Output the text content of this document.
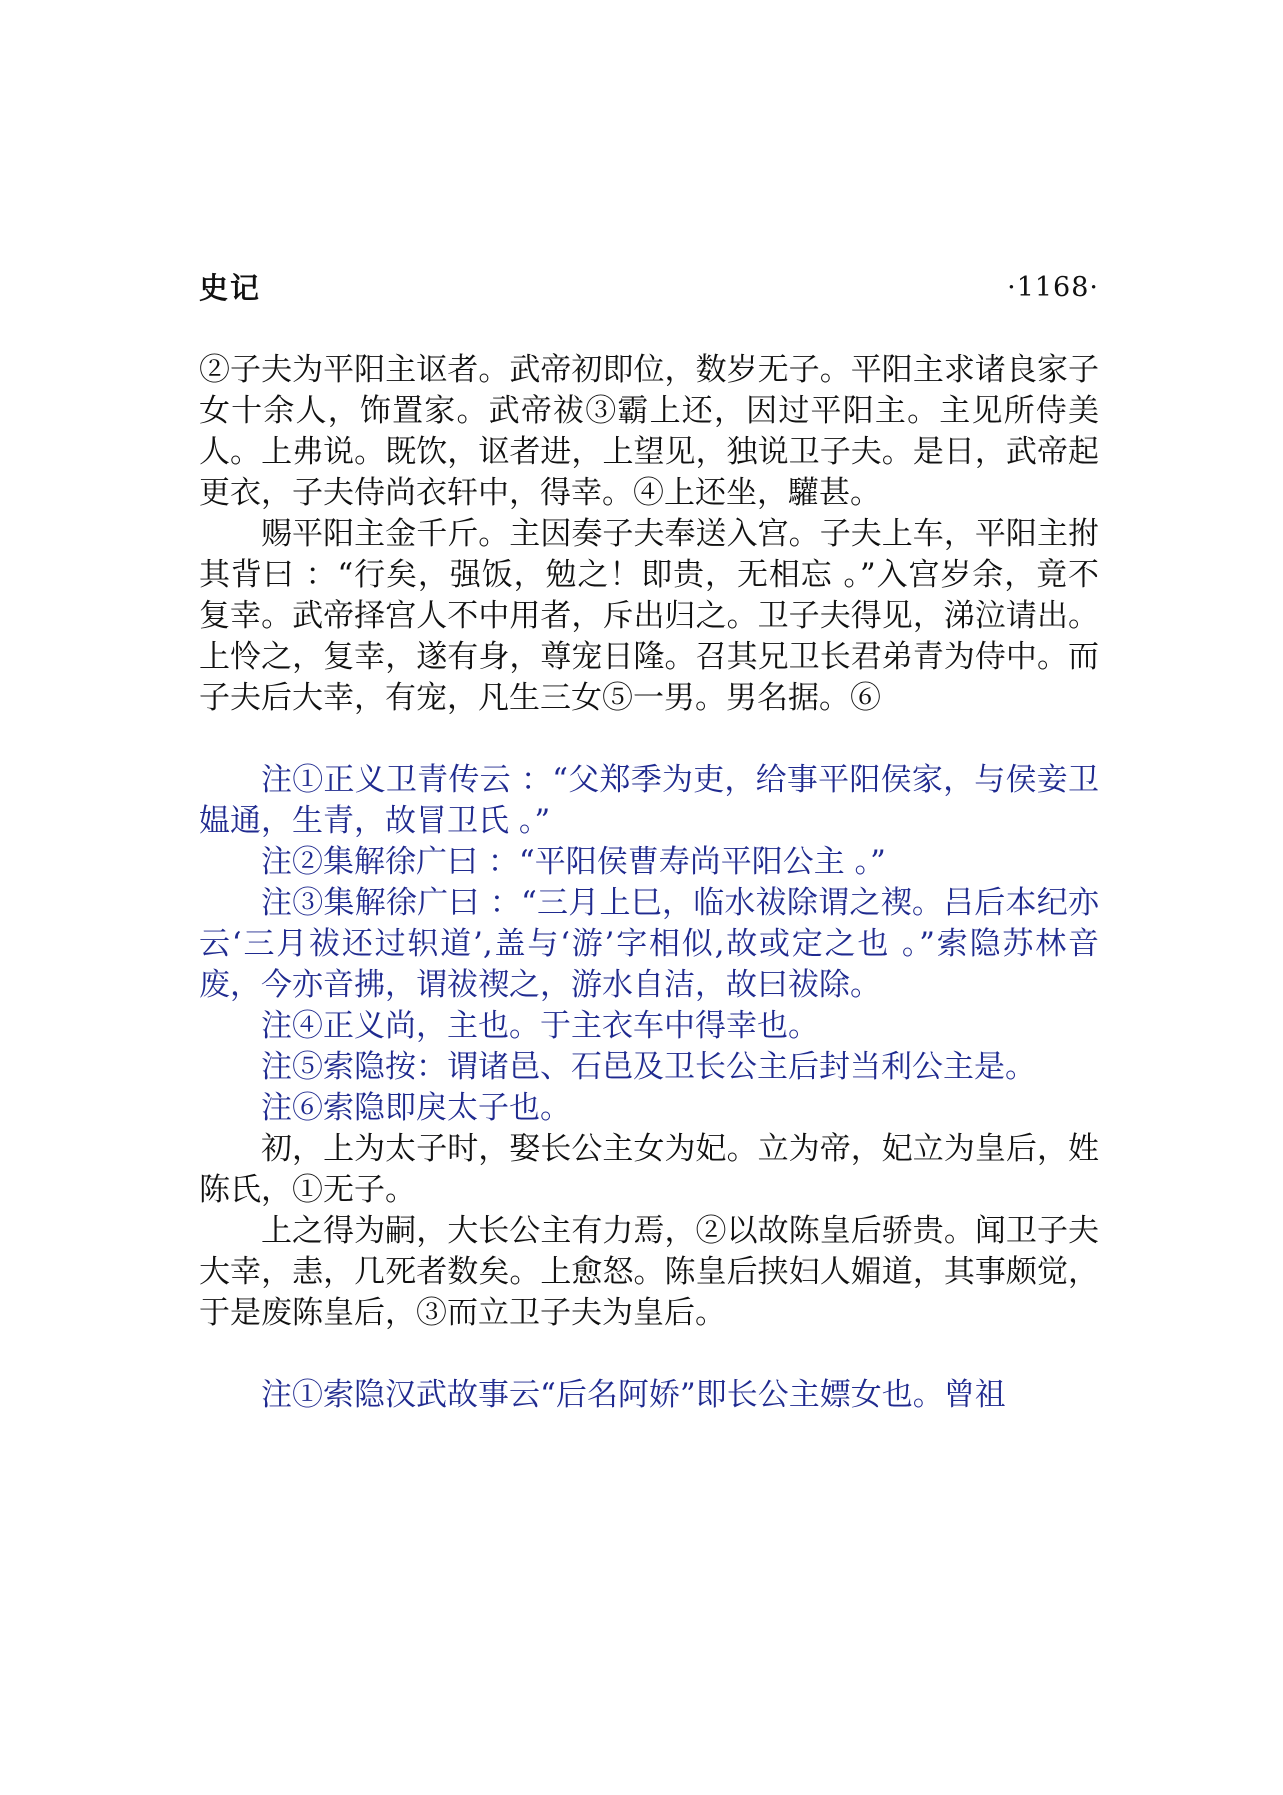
史记	·1168·

②子夫为平阳主讴者。武帝初即位，数岁无子。平阳主求诸良家子女十余人，饰置家。武帝祓③霸上还，因过平阳主。主见所侍美人。上弗说。既饮，讴者进，上望见，独说卫子夫。是日，武帝起更衣，子夫侍尚衣轩中，得幸。④上还坐，驩甚。

赐平阳主金千斤。主因奏子夫奉送入宫。子夫上车，平阳主拊其背曰 ：“行矣，强饭，勉之！即贵，无相忘 。”入宫岁余，竟不复幸。武帝择宫人不中用者，斥出归之。卫子夫得见，涕泣请出。上怜之，复幸，遂有身，尊宠日隆。召其兄卫长君弟青为侍中。而子夫后大幸，有宠，凡生三女⑤一男。男名据。⑥

注①正义卫青传云 ：“父郑季为吏，给事平阳侯家，与侯妾卫媪通，生青，故冒卫氏 。”

注②集解徐广曰 ：“平阳侯曹寿尚平阳公主 。”

注③集解徐广曰 ：“三月上巳，临水祓除谓之禊。吕后本纪亦云‘三月祓还过轵道’,盖与‘游’字相似,故或定之也 。”索隐苏林音废，今亦音拂，谓祓禊之，游水自洁，故曰祓除。

注④正义尚，主也。于主衣车中得幸也。

注⑤索隐按：谓诸邑、石邑及卫长公主后封当利公主是。

注⑥索隐即戾太子也。

初，上为太子时，娶长公主女为妃。立为帝，妃立为皇后，姓陈氏，①无子。

上之得为嗣，大长公主有力焉，②以故陈皇后骄贵。闻卫子夫大幸，恚，几死者数矣。上愈怒。陈皇后挟妇人媚道，其事颇觉，于是废陈皇后，③而立卫子夫为皇后。

注①索隐汉武故事云“后名阿娇”即长公主嫖女也。曾祖
